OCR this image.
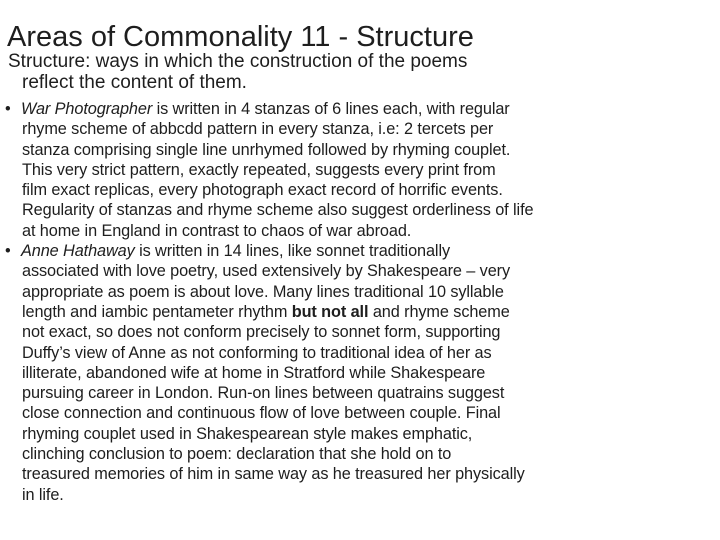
Areas of Commonality 11 - Structure
Structure: ways in which the construction of the poems
reflect the content of them.
• War Photographer is written in 4 stanzas of 6 lines each, with regular
rhyme scheme of abbcdd pattern in every stanza, i.e: 2 tercets per
stanza comprising single line unrhymed followed by rhyming couplet.
This very strict pattern, exactly repeated, suggests every print from
film exact replicas, every photograph exact record of horrific events.
Regularity of stanzas and rhyme scheme also suggest orderliness of life
at home in England in contrast to chaos of war abroad.
• Anne Hathaway is written in 14 lines, like sonnet traditionally
associated with love poetry, used extensively by Shakespeare – very
appropriate as poem is about love. Many lines traditional 10 syllable
length and iambic pentameter rhythm but not all and rhyme scheme
not exact, so does not conform precisely to sonnet form, supporting
Duffy’s view of Anne as not conforming to traditional idea of her as
illiterate, abandoned wife at home in Stratford while Shakespeare
pursuing career in London. Run-on lines between quatrains suggest
close connection and continuous flow of love between couple. Final
rhyming couplet used in Shakespearean style makes emphatic,
clinching conclusion to poem: declaration that she hold on to
treasured memories of him in same way as he treasured her physically
in life.
